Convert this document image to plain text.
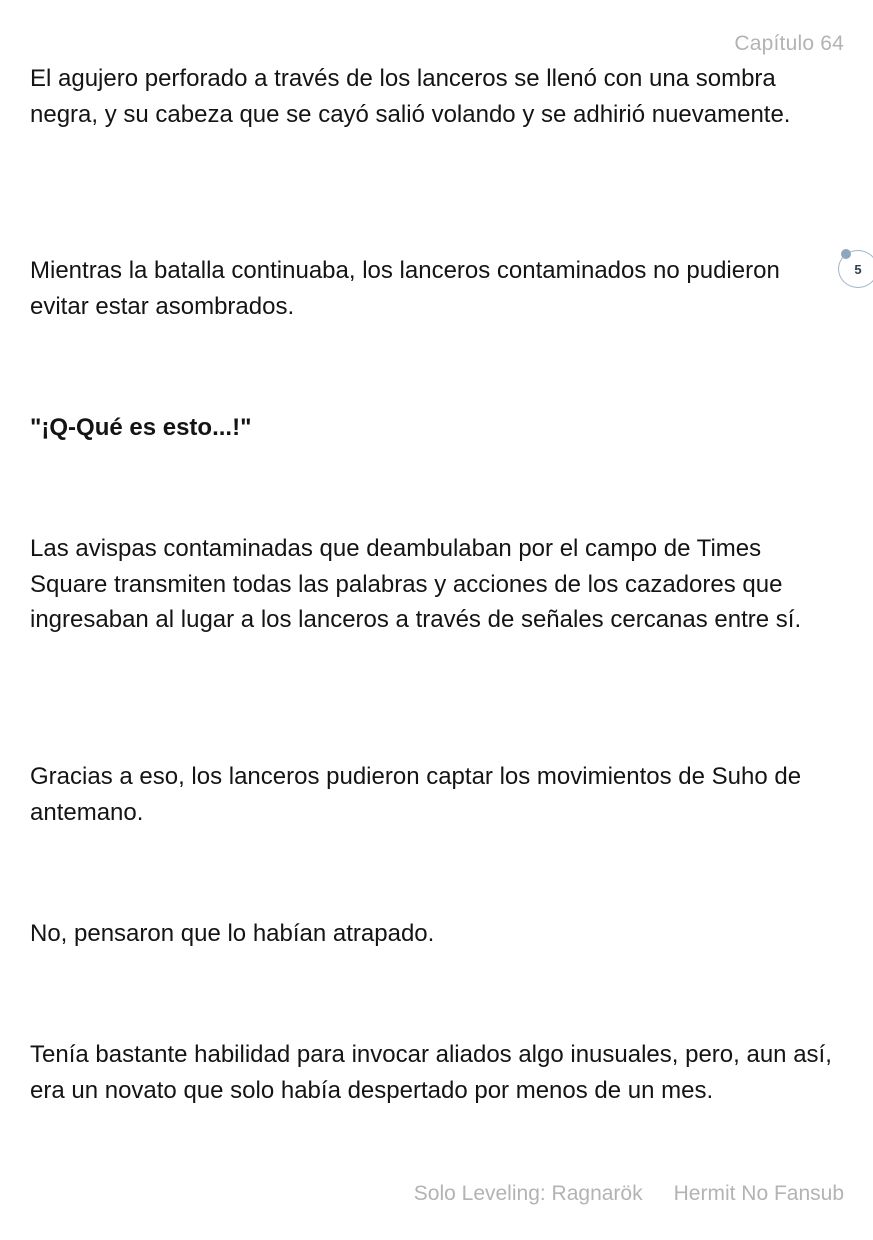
Capítulo 64

El agujero perforado a través de los lanceros se llenó con una sombra negra, y su cabeza que se cayó salió volando y se adhirió nuevamente.

Mientras la batalla continuaba, los lanceros contaminados no pudieron evitar estar asombrados.

"¡Q-Qué es esto...!"

Las avispas contaminadas que deambulaban por el campo de Times Square transmiten todas las palabras y acciones de los cazadores que ingresaban al lugar a los lanceros a través de señales cercanas entre sí.

Gracias a eso, los lanceros pudieron captar los movimientos de Suho de antemano.

No, pensaron que lo habían atrapado.

Tenía bastante habilidad para invocar aliados algo inusuales, pero, aun así, era un novato que solo había despertado por menos de un mes.

5
Solo Leveling: Ragnarök Hermit No Fansub
